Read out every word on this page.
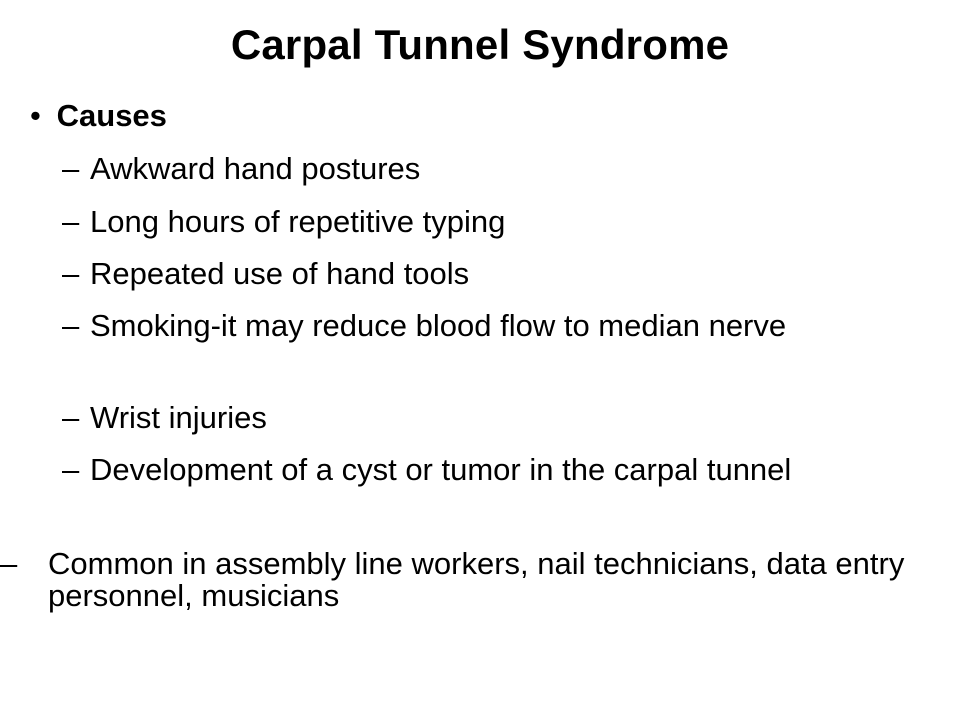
Carpal Tunnel Syndrome
• Causes
– Awkward hand postures
– Long hours of repetitive typing
– Repeated use of hand tools
– Smoking-it may reduce blood flow to median nerve
– Wrist injuries
– Development of a cyst or tumor in the carpal tunnel
– Common in assembly line workers, nail technicians, data entry personnel, musicians
